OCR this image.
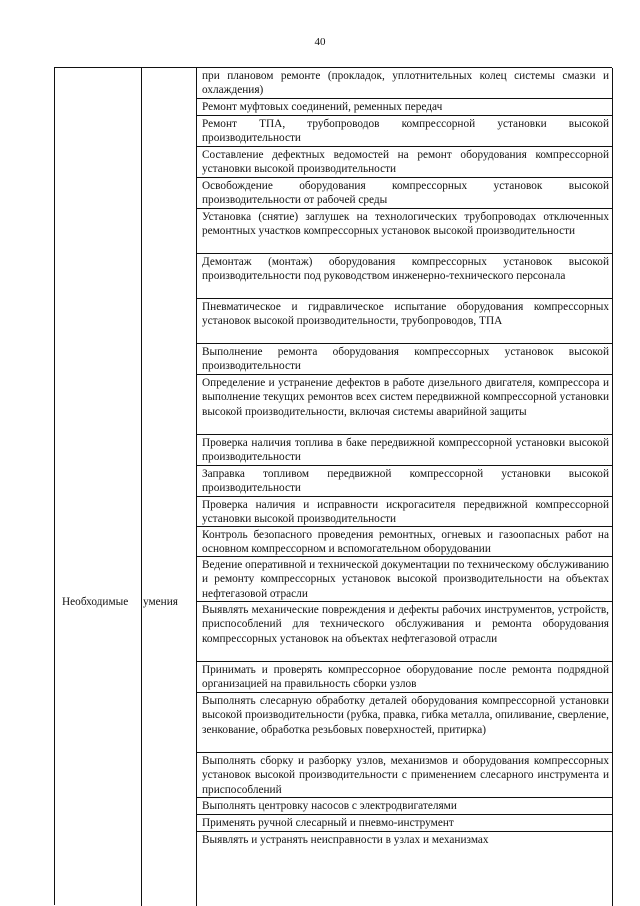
40
Необходимые умения
при плановом ремонте (прокладок, уплотнительных колец системы смазки и охлаждения)
Ремонт муфтовых соединений, ременных передач
Ремонт ТПА, трубопроводов компрессорной установки высокой производительности
Составление дефектных ведомостей на ремонт оборудования компрессорной установки высокой производительности
Освобождение оборудования компрессорных установок высокой производительности от рабочей среды
Установка (снятие) заглушек на технологических трубопроводах отключенных ремонтных участков компрессорных установок высокой производительности
Демонтаж (монтаж) оборудования компрессорных установок высокой производительности под руководством инженерно-технического персонала
Пневматическое и гидравлическое испытание оборудования компрессорных установок высокой производительности, трубопроводов, ТПА
Выполнение ремонта оборудования компрессорных установок высокой производительности
Определение и устранение дефектов в работе дизельного двигателя, компрессора и выполнение текущих ремонтов всех систем передвижной компрессорной установки высокой производительности, включая системы аварийной защиты
Проверка наличия топлива в баке передвижной компрессорной установки высокой производительности
Заправка топливом передвижной компрессорной установки высокой производительности
Проверка наличия и исправности искрогасителя передвижной компрессорной установки высокой производительности
Контроль безопасного проведения ремонтных, огневых и газоопасных работ на основном компрессорном и вспомогательном оборудовании
Ведение оперативной и технической документации по техническому обслуживанию и ремонту компрессорных установок высокой производительности на объектах нефтегазовой отрасли
Выявлять механические повреждения и дефекты рабочих инструментов, устройств, приспособлений для технического обслуживания и ремонта оборудования компрессорных установок на объектах нефтегазовой отрасли
Принимать и проверять компрессорное оборудование после ремонта подрядной организацией на правильность сборки узлов
Выполнять слесарную обработку деталей оборудования компрессорной установки высокой производительности (рубка, правка, гибка металла, опиливание, сверление, зенкование, обработка резьбовых поверхностей, притирка)
Выполнять сборку и разборку узлов, механизмов и оборудования компрессорных установок высокой производительности с применением слесарного инструмента и приспособлений
Выполнять центровку насосов с электродвигателями
Применять ручной слесарный и пневмо-инструмент
Выявлять и устранять неисправности в узлах и механизмах
